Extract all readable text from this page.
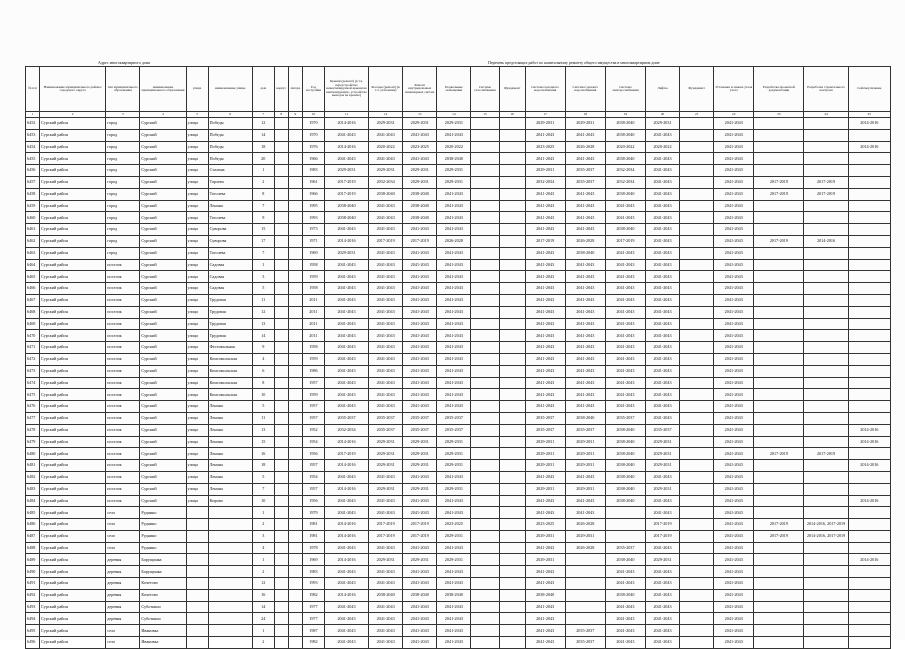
Адрес многоквартирного дома	Перечень предстоящих работ по капитальному ремонту общего имущества в многоквартирном доме
№ п/п	Наименование муниципального района/городского округа	тип муниципального образования	наименование муниципального образования	улица	наименование улицы	дом	корпус	литера	Год постройки	Крыши (ремонт) (в т.ч. переустройство невентилируемой крыши на вентилируемую, устройство выходов на кровлю)	Фасады (ремонт) (в т.ч. утепление)	Ремонт внутридомовых инженерных систем	Подвальные помещения	Система газоснабжения	Фундамент	Система холодного водоснабжения	Система горячего водоснабжения	Система электроснабжения	Лифты	Фундамент	Установка и замена узлов учета	Разработка проектной документации	Разработка строительного контроля	Сейсмоусиление
1	2	3	4	5	6	7	8	9	10	11	12	13	14	15	16	17	18	19	20	21	22	23	24	25
6452	Сурский район	город	Сурский	улица	Победы	12			1970	2014-2016	2029-2031	2029-2031	2029-2031			2029-2031	2029-2031	2038-2040	2029-2031		2041-2043			2014-2016
6453	Сурский район	город	Сурский	улица	Победы	14			1970	2041-2043	2041-2043	2041-2043	2041-2043			2041-2043	2041-2043	2038-2040	2041-2043		2041-2043			
6454	Сурский район	город	Сурский	улица	Победы	18			1976	2014-2016	2020-2022	2023-2025	2020-2022			2023-2025	2026-2028	2020-2022	2020-2022		2041-2043			2014-2016
6455	Сурский район	город	Сурский	улица	Победы	20			1966	2041-2043	2041-2043	2041-2043	2038-2040			2041-2043	2041-2043	2038-2040	2041-2043		2041-2043			
6456	Сурский район	город	Сурский	улица	Сталина	1			1983	2029-2031	2029-2031	2029-2031	2029-2031			2029-2031	2035-2037	2032-2034	2041-2043		2041-2043			
6457	Сурский район	город	Сурский	улица	Тарлева	2			1961	2017-2019	2032-2034	2029-2031	2029-2031			2032-2034	2035-2037	2032-2034	2041-2043		2041-2043	2017-2019	2017-2019	
6458	Сурский район	город	Сурский	улица	Тоголева	8			1966	2017-2019	2038-2040	2038-2040	2041-2043			2041-2043	2041-2043	2038-2040	2041-2043		2041-2043	2017-2019	2017-2019	
6459	Сурский район	город	Сурский	улица	Ленина	7			1995	2038-2040	2041-2043	2038-2040	2041-2043			2041-2043	2041-2043	2041-2043	2041-2043		2041-2043			
6460	Сурский район	город	Сурский	улица	Тоголева	9			1993	2038-2040	2041-2043	2038-2040	2041-2043			2041-2043	2041-2043	2041-2043	2041-2043		2041-2043			
6461	Сурский район	город	Сурский	улица	Суворова	15			1973	2041-2043	2041-2043	2041-2043	2041-2043			2041-2043	2041-2043	2038-2040	2041-2043		2041-2043			
6462	Сурский район	город	Сурский	улица	Суворова	17			1971	2014-2016	2017-2019	2017-2019	2026-2028			2017-2019	2026-2028	2017-2019	2041-2043		2041-2043	2017-2019	2014-2016	
6463	Сурский район	город	Сурский	улица	Тоголева	7			1969	2029-2031	2041-2043	2041-2043	2041-2043			2041-2043	2038-2040	2041-2043	2041-2043		2041-2043			
6464	Сурский район	поселок	Сурский	улица	Садовая	1			1958	2041-2043	2041-2043	2041-2043	2041-2043			2041-2043	2041-2043	2041-2043	2041-2043		2041-2043			
6465	Сурский район	поселок	Сурский	улица	Садовая	3			1959	2041-2043	2041-2043	2041-2043	2041-2043			2041-2043	2041-2043	2041-2043	2041-2043		2041-2043			
6466	Сурский район	поселок	Сурский	улица	Садовая	5			1958	2041-2043	2041-2043	2041-2043	2041-2043			2041-2043	2041-2043	2041-2043	2041-2043		2041-2043			
6467	Сурский район	поселок	Сурский	улица	Трудовая	11			2011	2041-2043	2041-2043	2041-2043	2041-2043			2041-2043	2041-2043	2041-2043	2041-2043		2041-2043			
6468	Сурский район	поселок	Сурский	улица	Трудовая	12			2011	2041-2043	2041-2043	2041-2043	2041-2043			2041-2043	2041-2043	2041-2043	2041-2043		2041-2043			
6469	Сурский район	поселок	Сурский	улица	Трудовая	13			2011	2041-2043	2041-2043	2041-2043	2041-2043			2041-2043	2041-2043	2041-2043	2041-2043		2041-2043			
6470	Сурский район	поселок	Сурский	улица	Трудовая	14			2011	2041-2043	2041-2043	2041-2043	2041-2043			2041-2043	2041-2043	2041-2043	2041-2043		2041-2043			
6471	Сурский район	поселок	Сурский	улица	Фестивальная	9			1958	2041-2043	2041-2043	2041-2043	2041-2043			2041-2043	2041-2043	2041-2043	2041-2043		2041-2043			
6472	Сурский район	поселок	Сурский	улица	Комсомольская	4			1959	2041-2043	2041-2043	2041-2043	2041-2043			2041-2043	2041-2043	2041-2043	2041-2043		2041-2043			
6473	Сурский район	поселок	Сурский	улица	Комсомольская	6			1986	2041-2043	2041-2043	2041-2043	2041-2043			2041-2043	2041-2043	2041-2043	2041-2043		2041-2043			
6474	Сурский район	поселок	Сурский	улица	Комсомольская	8			1957	2041-2043	2041-2043	2041-2043	2041-2043			2041-2043	2041-2043	2041-2043	2041-2043		2041-2043			
6475	Сурский район	поселок	Сурский	улица	Комсомольская	10			1959	2041-2043	2041-2043	2041-2043	2041-2043			2041-2043	2041-2043	2041-2043	2041-2043		2041-2043			
6476	Сурский район	поселок	Сурский	улица	Ленина	5			1957	2041-2043	2041-2043	2041-2043	2041-2043			2041-2043	2041-2043	2041-2043	2041-2043		2041-2043			
6477	Сурский район	поселок	Сурский	улица	Ленина	11			1957	2035-2037	2035-2037	2035-2037	2035-2037			2035-2037	2038-2040	2035-2037	2041-2043		2041-2043			
6478	Сурский район	поселок	Сурский	улица	Ленина	13			1952	2032-2034	2035-2037	2035-2037	2035-2037			2035-2037	2035-2037	2038-2040	2035-2037		2041-2043			2014-2016
6479	Сурский район	поселок	Сурский	улица	Ленина	15			1954	2014-2016	2029-2031	2029-2031	2029-2031			2029-2031	2029-2031	2038-2040	2029-2031		2041-2043			2014-2016
6480	Сурский район	поселок	Сурский	улица	Ленина	16			1956	2017-2019	2029-2031	2029-2031	2029-2031			2029-2031	2029-2031	2038-2040	2029-2031		2041-2043	2017-2019	2017-2019	
6481	Сурский район	поселок	Сурский	улица	Ленина	18			1957	2014-2016	2029-2031	2029-2031	2029-2031			2029-2031	2029-2031	2038-2040	2029-2031		2041-2043			2014-2016
6482	Сурский район	поселок	Сурский	улица	Ленина	5			1954	2041-2043	2041-2043	2041-2043	2041-2043			2041-2043	2041-2043	2038-2040	2041-2043		2041-2043			
6483	Сурский район	поселок	Сурский	улица	Ленина	7			1957	2014-2016	2029-2031	2029-2031	2029-2031			2029-2031	2029-2031	2038-2040	2029-2031		2041-2043			
6484	Сурский район	поселок	Сурский	улица	Кирова	10			1956	2041-2043	2041-2043	2041-2043	2041-2043			2041-2043	2041-2043	2038-2040	2041-2043		2041-2043			2014-2016
6485	Сурский район	село	Руднино			1			1979	2041-2043	2041-2043	2041-2043	2041-2043			2041-2043	2041-2043		2041-2043		2041-2043			
6486	Сурский район	село	Руднино			2			1981	2014-2016	2017-2019	2017-2019	2023-2025			2023-2025	2026-2028		2017-2019		2041-2043	2017-2019	2014-2016, 2017-2019	
6487	Сурский район	село	Руднино			3			1981	2014-2016	2017-2019	2017-2019	2029-2031			2029-2031	2029-2031		2017-2019		2041-2043	2017-2019	2014-2016, 2017-2019	
6488	Сурский район	село	Руднино			4			1978	2041-2043	2041-2043	2041-2043	2041-2043			2041-2043	2026-2028	2035-2037	2041-2043		2041-2043			
6489	Сурский район	деревня	Борущинка			1			1969	2014-2016	2029-2031	2029-2031	2029-2031			2029-2031		2038-2040	2029-2031		2041-2043			2014-2016
6490	Сурский район	деревня	Борущинка			2			1983	2041-2043	2041-2043	2041-2043	2041-2043			2041-2043		2041-2043	2041-2043		2041-2043			
6491	Сурский район	деревня	Кочетово			12			1993	2041-2043	2041-2043	2041-2043	2041-2043			2041-2043		2041-2043	2041-2043		2041-2043			
6492	Сурский район	деревня	Кочетово			16			1982	2014-2016	2038-2040	2038-2040	2038-2040			2038-2040		2038-2040	2041-2043		2041-2043			
6493	Сурский район	деревня	Суботкино			14			1977	2041-2043	2041-2043	2041-2043	2041-2043			2041-2043		2041-2043	2041-2043		2041-2043			
6494	Сурский район	деревня	Суботкино			24			1977	2041-2043	2041-2043	2041-2043	2041-2043			2041-2043		2041-2043	2041-2043		2041-2043			
6495	Сурский район	село	Ивановка			1			1987	2041-2043	2041-2043	2041-2043	2041-2043			2041-2043	2035-2037	2041-2043	2041-2043		2041-2043			
6496	Сурский район	село	Ивановка			2			1982	2041-2043	2041-2043	2041-2043	2041-2043			2041-2043	2035-2037	2041-2043	2041-2043		2041-2043			
